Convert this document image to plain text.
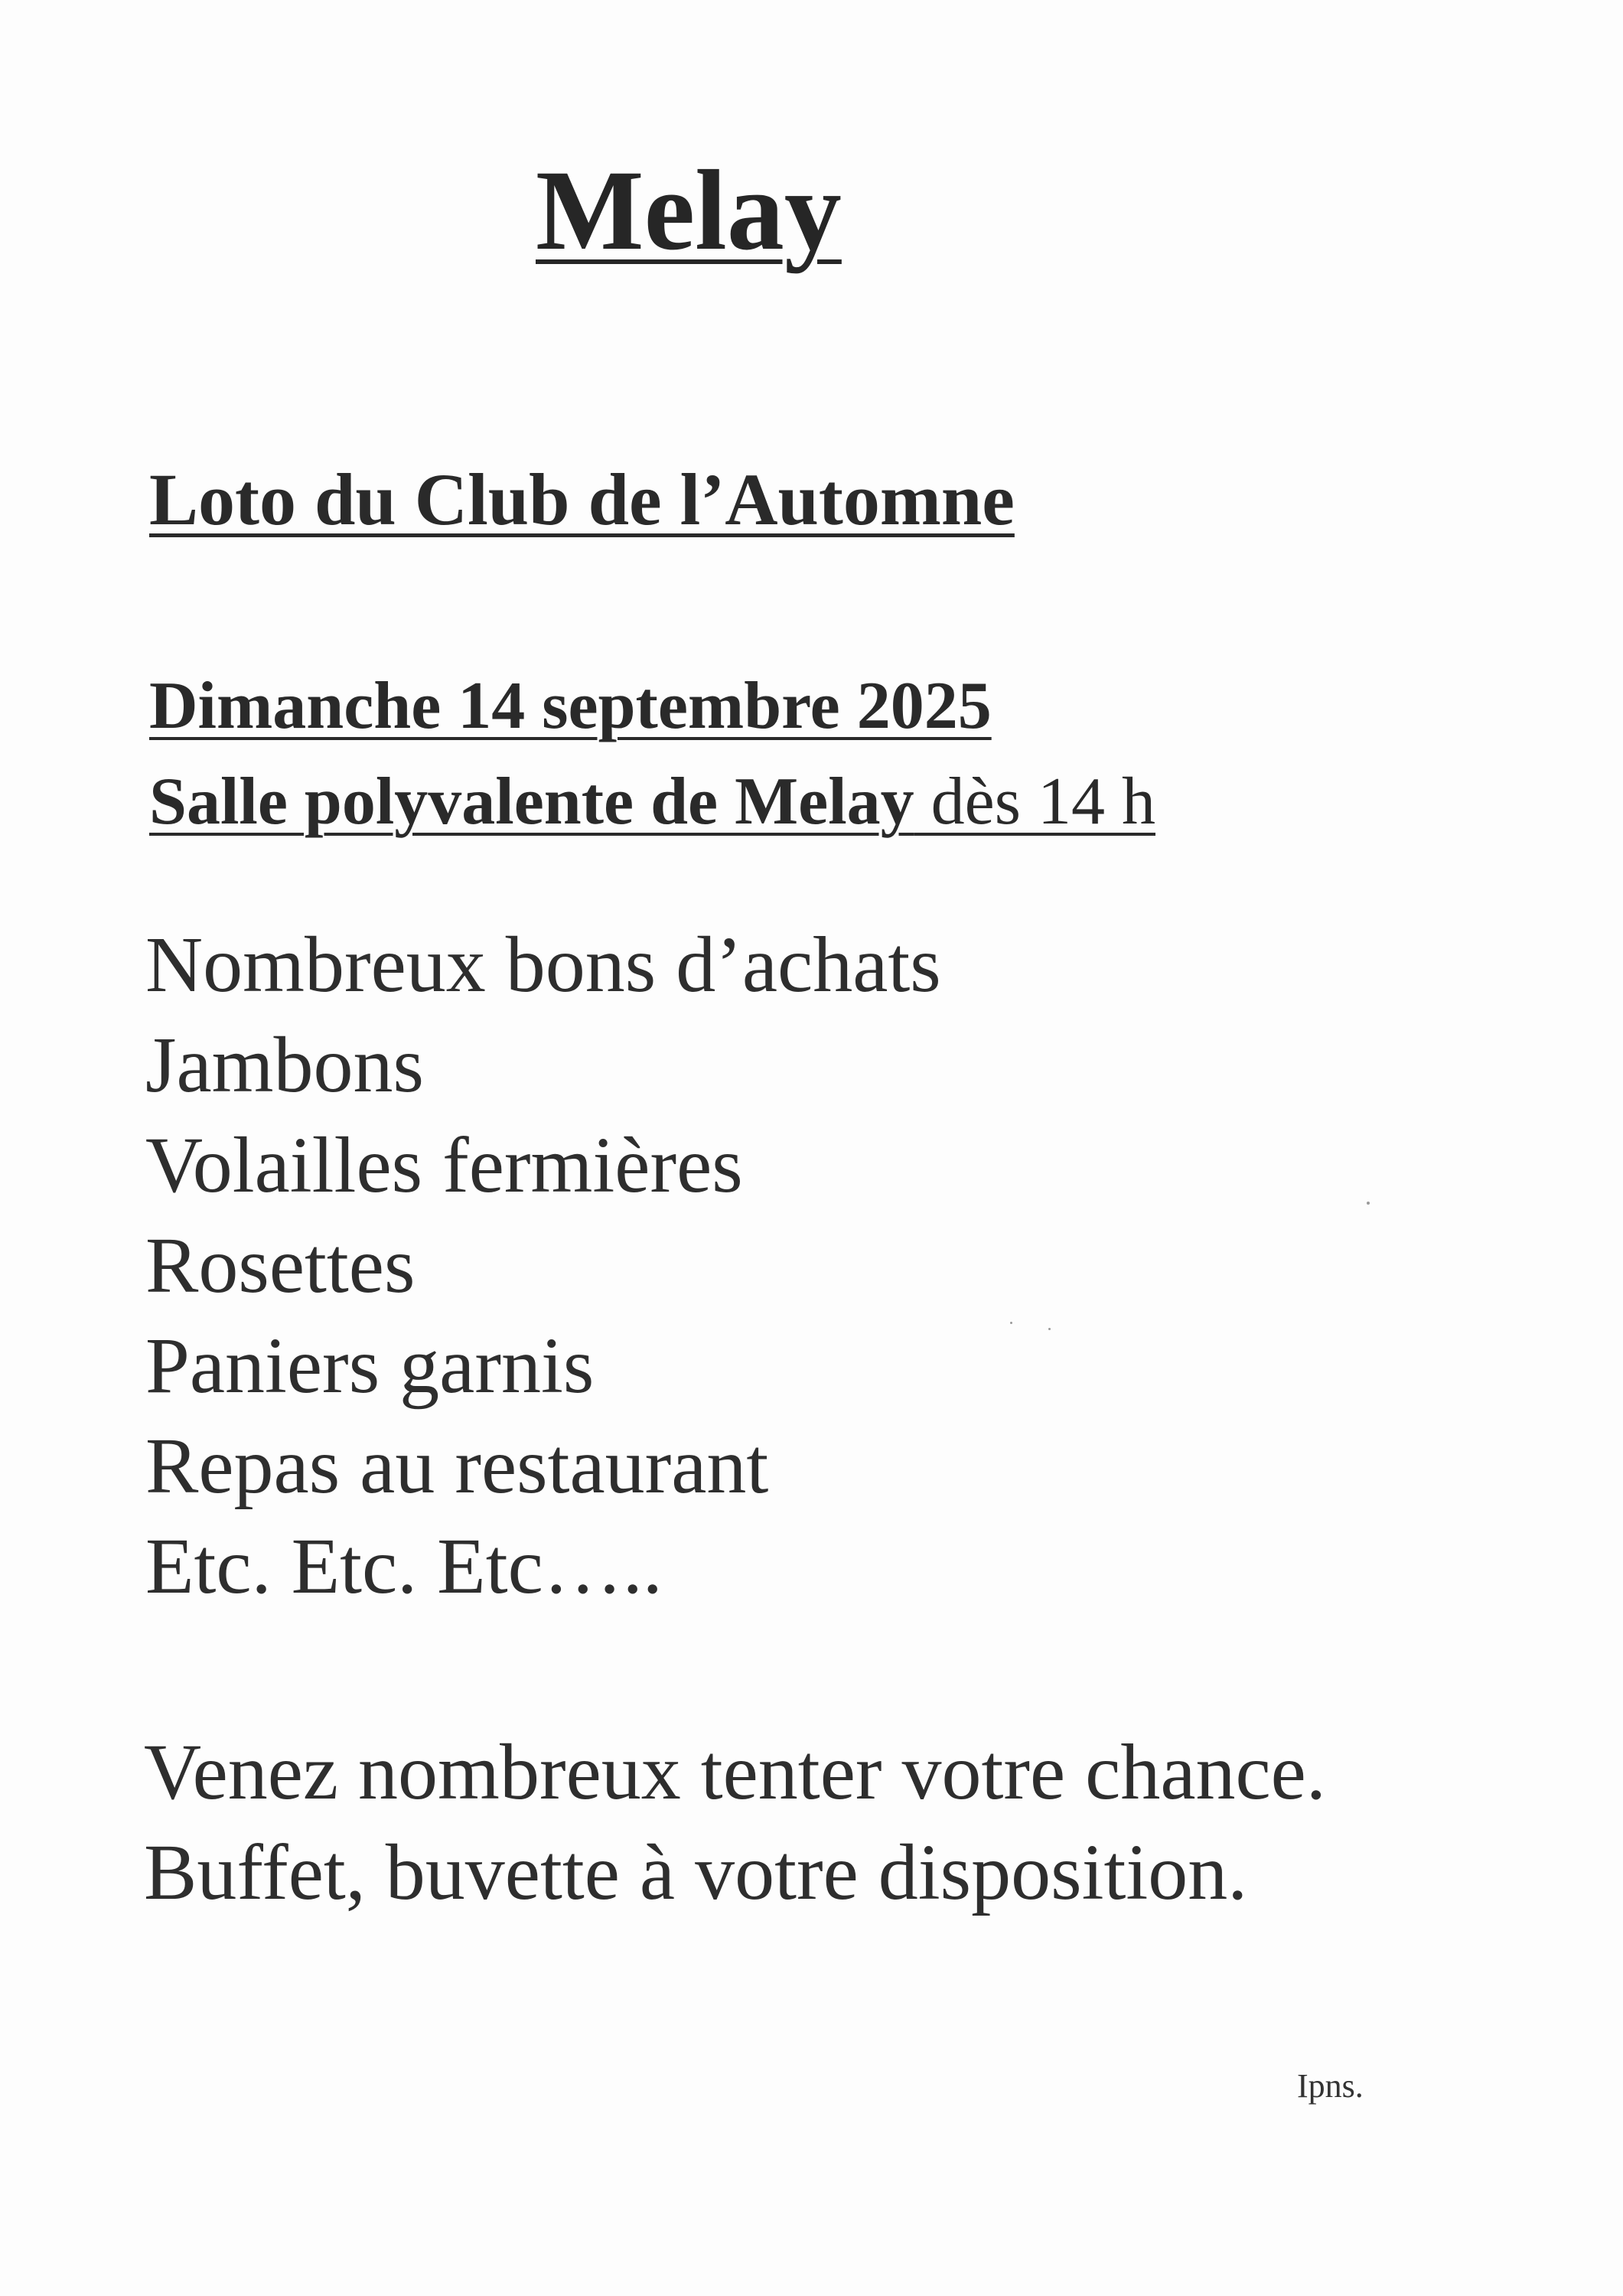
Melay
Loto du Club de l’Automne
Dimanche 14 septembre 2025
Salle polyvalente de Melay dès 14 h
Nombreux bons d’achats
Jambons
Volailles fermières
Rosettes
Paniers garnis
Repas au restaurant
Etc. Etc. Etc…..

Venez nombreux tenter votre chance.

Buffet, buvette à votre disposition.

Ipns.
